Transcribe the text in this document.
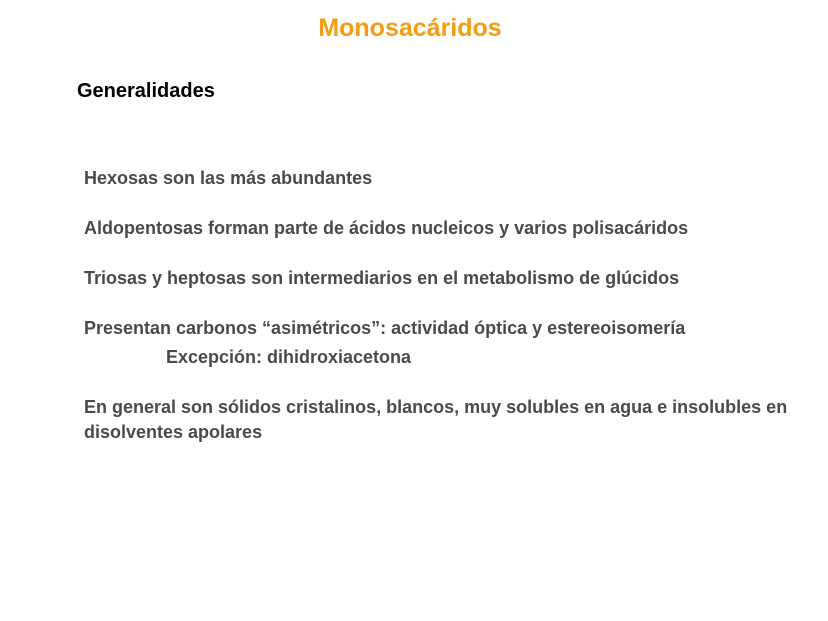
Monosacáridos
Generalidades
Hexosas son las más abundantes
Aldopentosas forman parte de ácidos nucleicos y varios polisacáridos
Triosas y heptosas son intermediarios en el metabolismo de glúcidos
Presentan carbonos “asimétricos”: actividad óptica y estereoisomería
Excepción: dihidroxiacetona
En general son sólidos cristalinos, blancos, muy solubles en agua e insolubles en disolventes apolares
